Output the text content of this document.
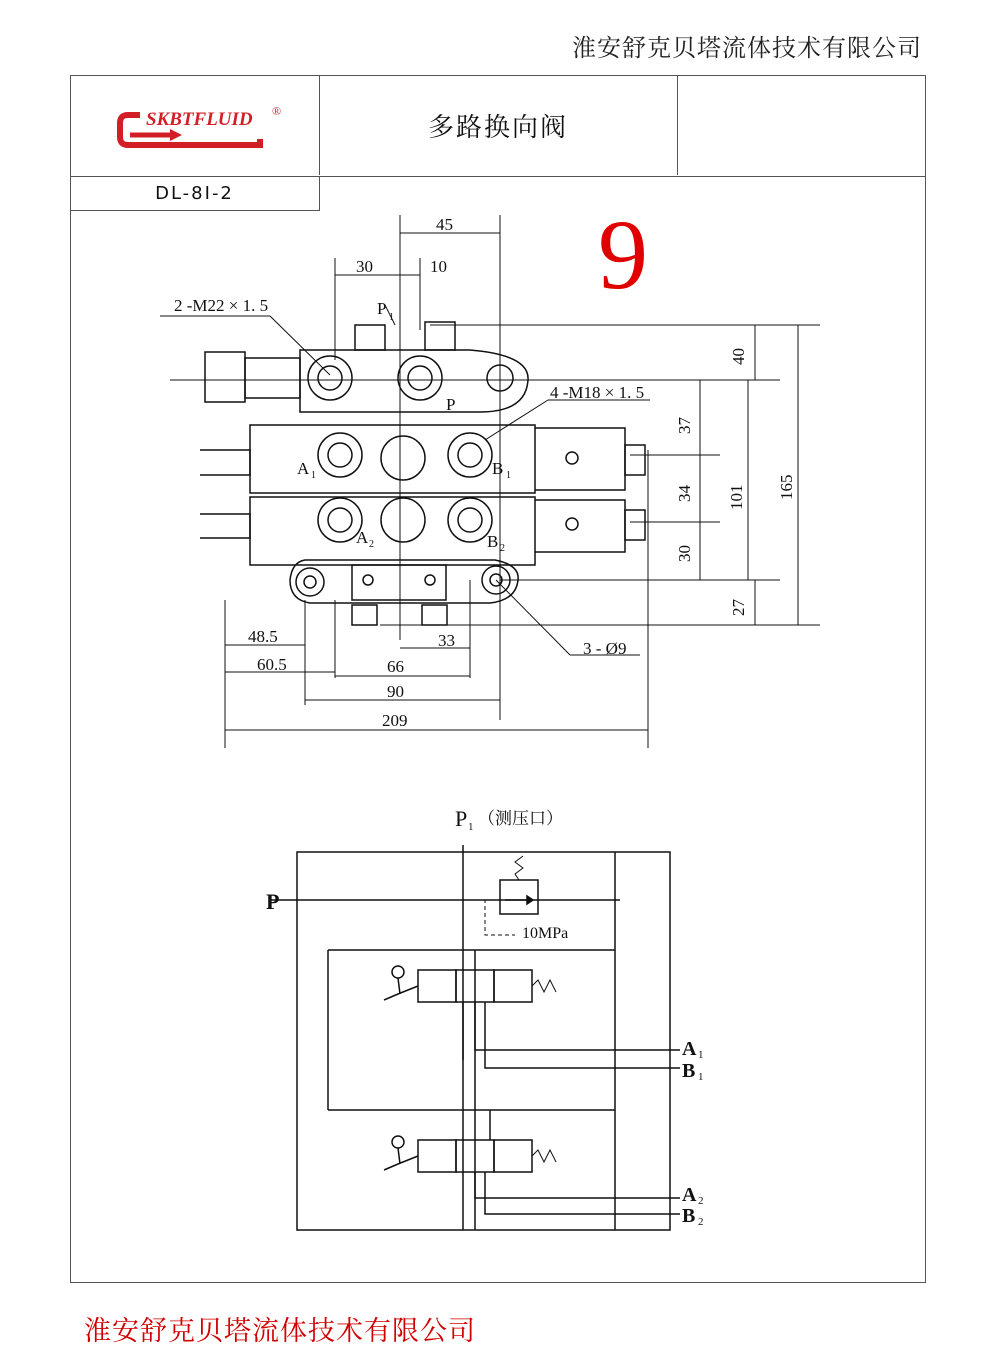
淮安舒克贝塔流体技术有限公司
SKBTFLUID ®
多路换向阀
DL-8I-2
9
45
30	10
2 -M22 × 1. 5	P 1
P
4 -M18 × 1. 5
A 1	B 1
A 2	B 2
3 - Ø9
40
37
34
30
27
101 165
48.5
60.5
33
66
90
209
P 1 （测压口）
P
10MPa
A 1
B 1
A 2
B 2
淮安舒克贝塔流体技术有限公司
